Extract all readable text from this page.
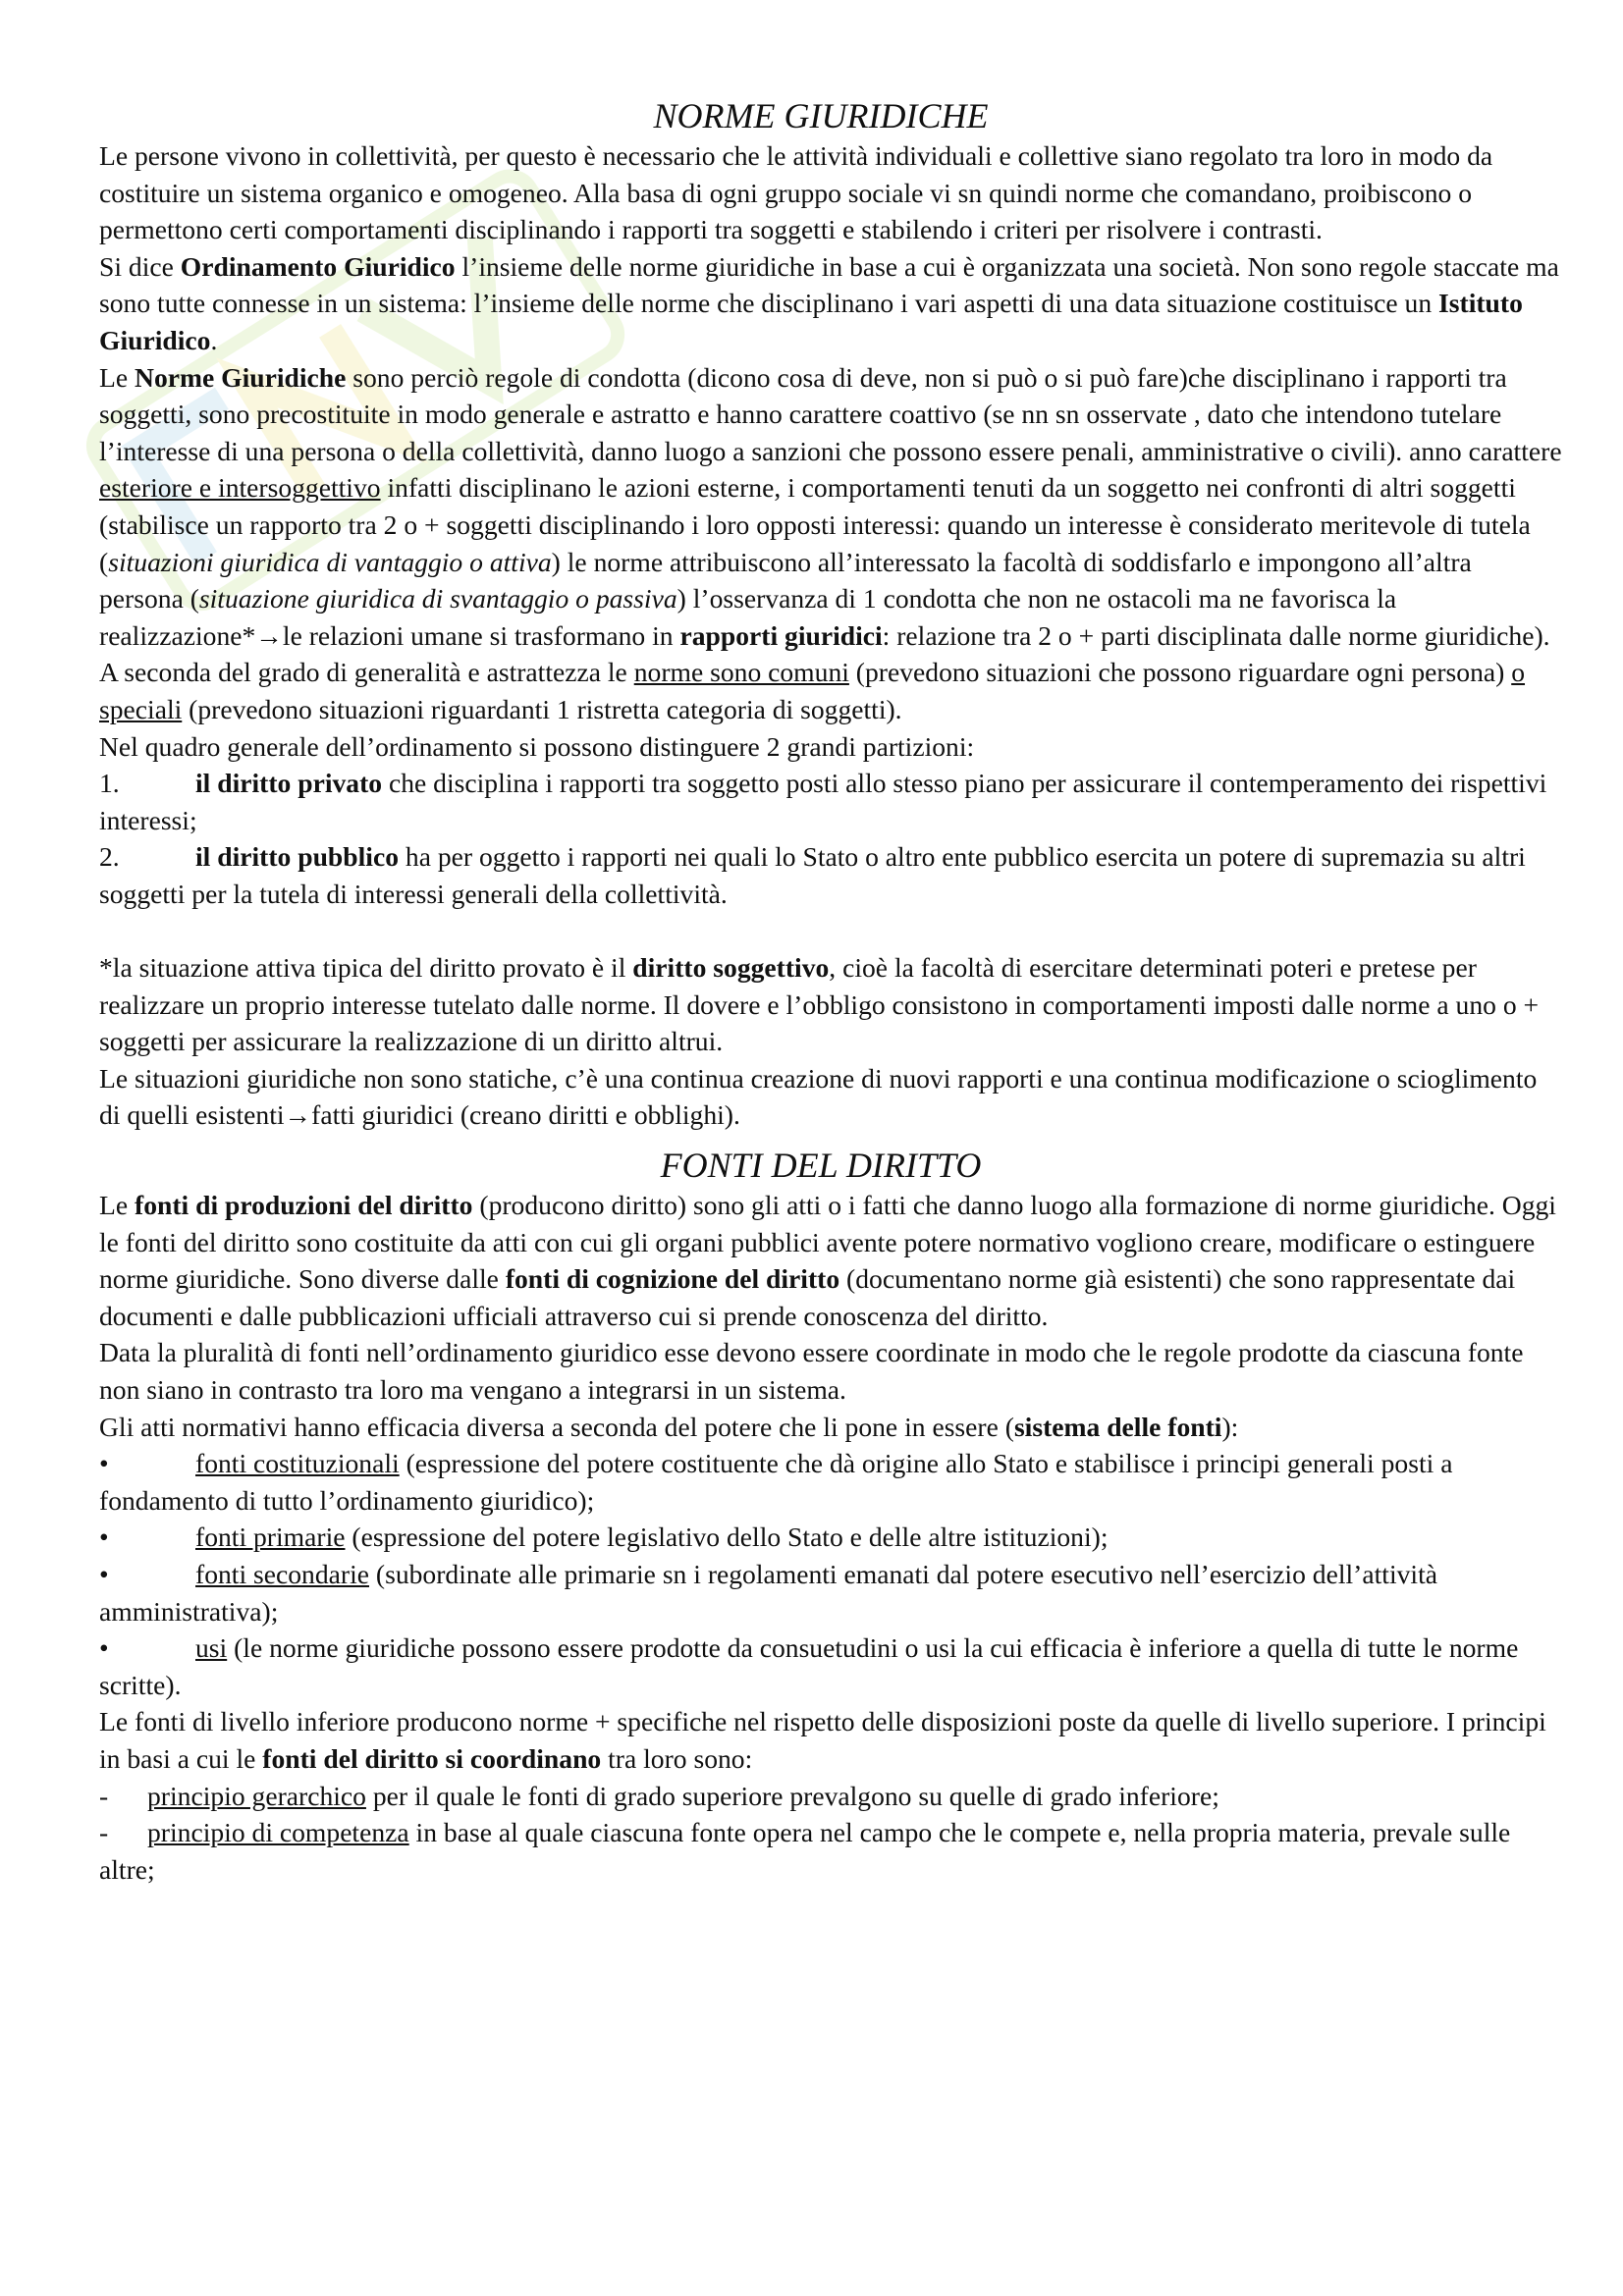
NORME GIURIDICHE

Le persone vivono in collettività, per questo è necessario che le attività individuali e collettive siano regolato tra loro in modo da costituire un sistema organico e omogeneo. Alla basa di ogni gruppo sociale vi sn quindi norme che comandano, proibiscono o permettono certi comportamenti disciplinando i rapporti tra soggetti e stabilendo i criteri per risolvere i contrasti.

Si dice Ordinamento Giuridico l’insieme delle norme giuridiche in base a cui è organizzata una società. Non sono regole staccate ma sono tutte connesse in un sistema: l’insieme delle norme che disciplinano i vari aspetti di una data situazione costituisce un Istituto Giuridico.

Le Norme Giuridiche sono perciò regole di condotta (dicono cosa di deve, non si può o si può fare)che disciplinano i rapporti tra soggetti, sono precostituite in modo generale e astratto e hanno carattere coattivo (se nn sn osservate , dato che intendono tutelare l’interesse di una persona o della collettività, danno luogo a sanzioni che possono essere penali, amministrative o civili). anno carattere esteriore e intersoggettivo infatti disciplinano le azioni esterne, i comportamenti tenuti da un soggetto nei confronti di altri soggetti (stabilisce un rapporto tra 2 o + soggetti disciplinando i loro opposti interessi: quando un interesse è considerato meritevole di tutela (situazioni giuridica di vantaggio o attiva) le norme attribuiscono all’interessato la facoltà di soddisfarlo e impongono all’altra persona (situazione giuridica di svantaggio o passiva) l’osservanza di 1 condotta che non ne ostacoli ma ne favorisca la realizzazione*→le relazioni umane si trasformano in rapporti giuridici: relazione tra 2 o + parti disciplinata dalle norme giuridiche). A seconda del grado di generalità e astrattezza le norme sono comuni (prevedono situazioni che possono riguardare ogni persona) o speciali (prevedono situazioni riguardanti 1 ristretta categoria di soggetti).

Nel quadro generale dell’ordinamento si possono distinguere 2 grandi partizioni:

1.	il diritto privato che disciplina i rapporti tra soggetto posti allo stesso piano per assicurare il contemperamento dei rispettivi interessi;

2.	il diritto pubblico ha per oggetto i rapporti nei quali lo Stato o altro ente pubblico esercita un potere di supremazia su altri soggetti per la tutela di interessi generali della collettività.

*la situazione attiva tipica del diritto provato è il diritto soggettivo, cioè la facoltà di esercitare determinati poteri e pretese per realizzare un proprio interesse tutelato dalle norme. Il dovere e l’obbligo consistono in comportamenti imposti dalle norme a uno o + soggetti per assicurare la realizzazione di un diritto altrui.

Le situazioni giuridiche non sono statiche, c’è una continua creazione di nuovi rapporti e una continua modificazione o scioglimento di quelli esistenti→fatti giuridici (creano diritti e obblighi).

FONTI DEL DIRITTO

Le fonti di produzioni del diritto (producono diritto) sono gli atti o i fatti che danno luogo alla formazione di norme giuridiche. Oggi le fonti del diritto sono costituite da atti con cui gli organi pubblici avente potere normativo vogliono creare, modificare o estinguere norme giuridiche. Sono diverse dalle fonti di cognizione del diritto (documentano norme già esistenti) che sono rappresentate dai documenti e dalle pubblicazioni ufficiali attraverso cui si prende conoscenza del diritto.

Data la pluralità di fonti nell’ordinamento giuridico esse devono essere coordinate in modo che le regole prodotte da ciascuna fonte non siano in contrasto tra loro ma vengano a integrarsi in un sistema.

Gli atti normativi hanno efficacia diversa a seconda del potere che li pone in essere (sistema delle fonti):

•	fonti costituzionali (espressione del potere costituente che dà origine allo Stato e stabilisce i principi generali posti a fondamento di tutto l’ordinamento giuridico);

•	fonti primarie (espressione del potere legislativo dello Stato e delle altre istituzioni);

•	fonti secondarie (subordinate alle primarie sn i regolamenti emanati dal potere esecutivo nell’esercizio dell’attività amministrativa);

•	usi (le norme giuridiche possono essere prodotte da consuetudini o usi la cui efficacia è inferiore a quella di tutte le norme scritte).

Le fonti di livello inferiore producono norme + specifiche nel rispetto delle disposizioni poste da quelle di livello superiore. I principi in basi a cui le fonti del diritto si coordinano tra loro sono:

- principio gerarchico per il quale le fonti di grado superiore prevalgono su quelle di grado inferiore;

- principio di competenza in base al quale ciascuna fonte opera nel campo che le compete e, nella propria materia, prevale sulle altre;
